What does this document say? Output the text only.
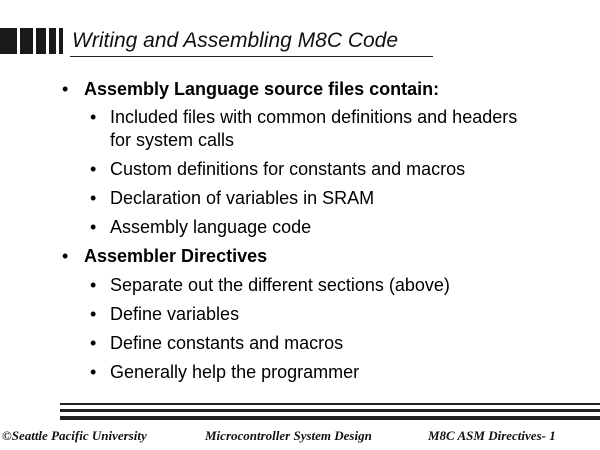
Writing and Assembling M8C Code
• Assembly Language source files contain:
• Included files with common definitions and headers
for system calls
• Custom definitions for constants and macros
• Declaration of variables in SRAM
• Assembly language code
• Assembler Directives
• Separate out the different sections (above)
• Define variables
• Define constants and macros
• Generally help the programmer
©Seattle Pacific University	Microcontroller System Design	M8C ASM Directives- 1
